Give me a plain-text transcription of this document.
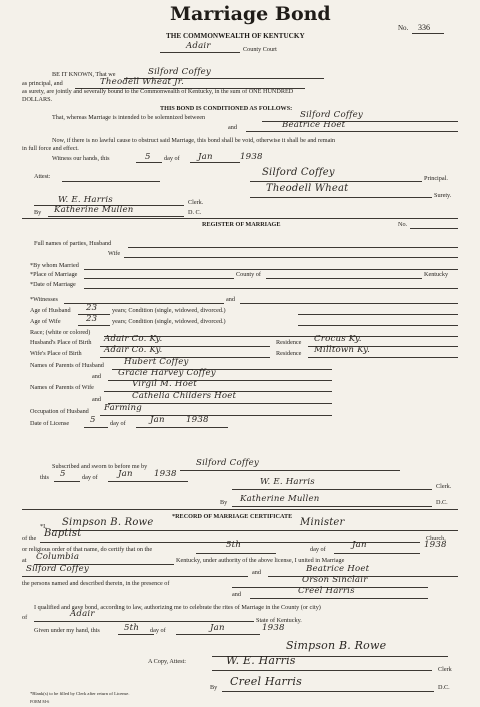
Marriage Bond
No. 336
THE COMMONWEALTH OF KENTUCKY
Adair	County Court
BE IT KNOWN, That we	Silford Coffey
as principal, and	Theodell Wheat Jr.
as surety, are jointly and severally bound to the Commonwealth of Kentucky, in the sum of ONE HUNDRED
DOLLARS.
THIS BOND IS CONDITIONED AS FOLLOWS:
That, whereas Marriage is intended to be solemnized between	Silford Coffey
and	Beatrice Hoet
Now, if there is no lawful cause to obstruct said Marriage, this bond shall be void, otherwise it shall be and remain
in full force and effect.
Witness our hands, this	5 day of Jan	1938
Attest:	Silford Coffey
Principal.
Theodell Wheat
Surety.
W. E. Harris	Clerk.
By Katherine Mullen	D. C.
REGISTER OF MARRIAGE	No.
Full names of parties, Husband
Wife
*By whom Married
*Place of Marriage	County of	Kentucky
*Date of Marriage
*Witnesses	and
Age of Husband 23 years; Condition (single, widowed, divorced.)
Age of Wife	23 years; Condition (single, widowed, divorced.)
Race; (white or colored)
Husband's Place of Birth Adair Co. Ky.	Residence Crocus Ky.
Wife's Place of Birth	Adair Co. Ky.	Residence Milltown Ky.
Names of Parents of Husband Hubert Coffey
and Gracie Harvey Coffey
Names of Parents of Wife	Virgil M. Hoet
and	Cathelia Childers Hoet
Occupation of Husband Farming
Date of License 5 day of	Jan 1938
Subscribed and sworn to before me by	Silford Coffey
this 5	day of Jan 1938
W. E. Harris	Clerk.
By Katherine Mullen	D.C.
*RECORD OF MARRIAGE CERTIFICATE
*I, Simpson B. Rowe	Minister
of the Baptist	Church,
or religious order of that name, do certify that on the	5th	day of	Jan	1938
at Columbia	Kentucky, under authority of the above license, I united in Marriage
Silford Coffey	and	Beatrice Hoet
the persons named and described therein, in the presence of	Orson Sinclair
and	Creel Harris
I qualified and gave bond, according to law, authorizing me to celebrate the rites of Marriage in the County (or city)
of	Adair
State of Kentucky.
Given under my hand, this	5th day of	Jan	1938
Simpson B. Rowe
A Copy, Attest:	W. E. Harris
Clerk
By Creel Harris	D.C.
*Blank(s) to be filled by Clerk after return of License.
FORM M-6
